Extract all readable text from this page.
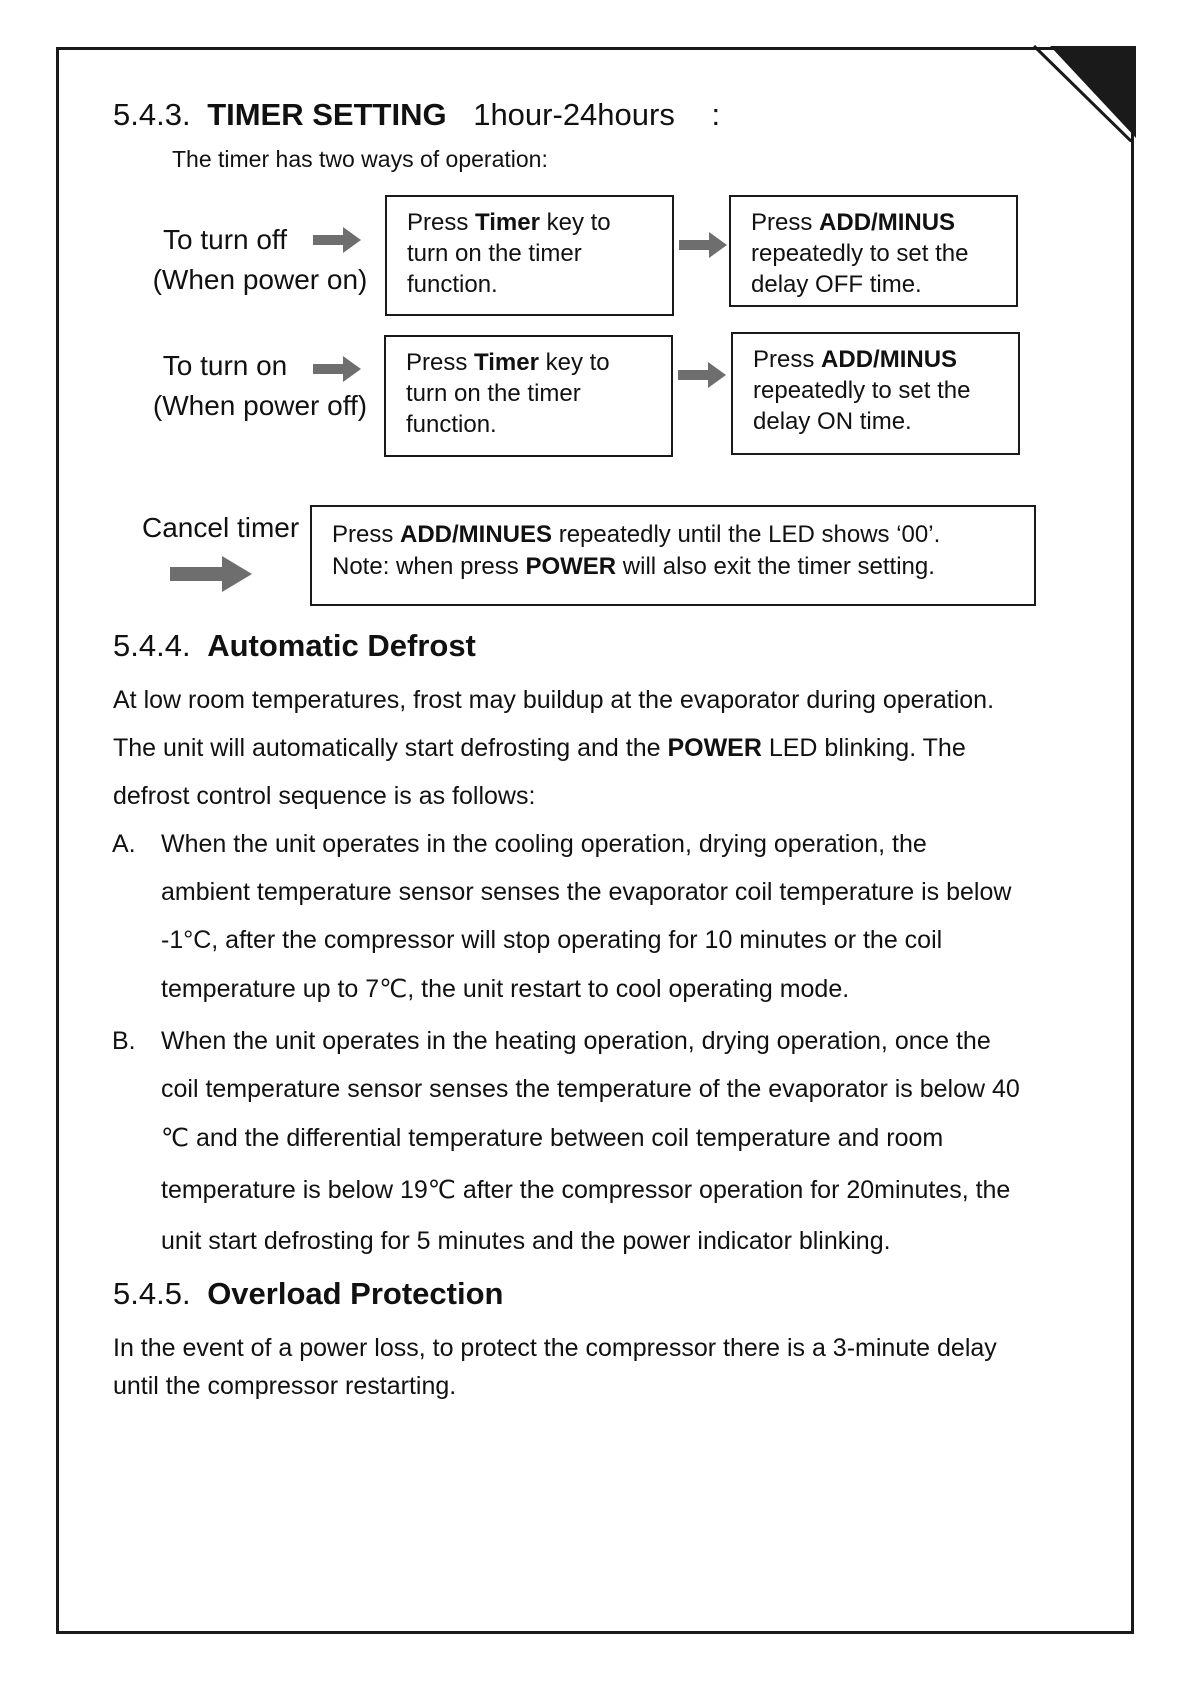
5.4.3. TIMER SETTING 1hour-24hours :
The timer has two ways of operation:
To turn off
(When power on)
Press Timer key to
turn on the timer
function.
Press ADD/MINUS
repeatedly to set the
delay OFF time.
To turn on
(When power off)
Press Timer key to
turn on the timer
function.
Press ADD/MINUS
repeatedly to set the
delay ON time.
Cancel timer Press ADD/MINUES repeatedly until the LED shows ‘00’.
Note: when press POWER will also exit the timer setting.
5.4.4. Automatic Defrost
At low room temperatures, frost may buildup at the evaporator during operation.
The unit will automatically start defrosting and the POWER LED blinking. The
defrost control sequence is as follows:
A. When the unit operates in the cooling operation, drying operation, the
ambient temperature sensor senses the evaporator coil temperature is below
-1°C, after the compressor will stop operating for 10 minutes or the coil
temperature up to 7℃, the unit restart to cool operating mode.
B. When the unit operates in the heating operation, drying operation, once the
coil temperature sensor senses the temperature of the evaporator is below 40
℃ and the differential temperature between coil temperature and room
temperature is below 19℃ after the compressor operation for 20minutes, the
unit start defrosting for 5 minutes and the power indicator blinking.
5.4.5. Overload Protection
In the event of a power loss, to protect the compressor there is a 3-minute delay
until the compressor restarting.
